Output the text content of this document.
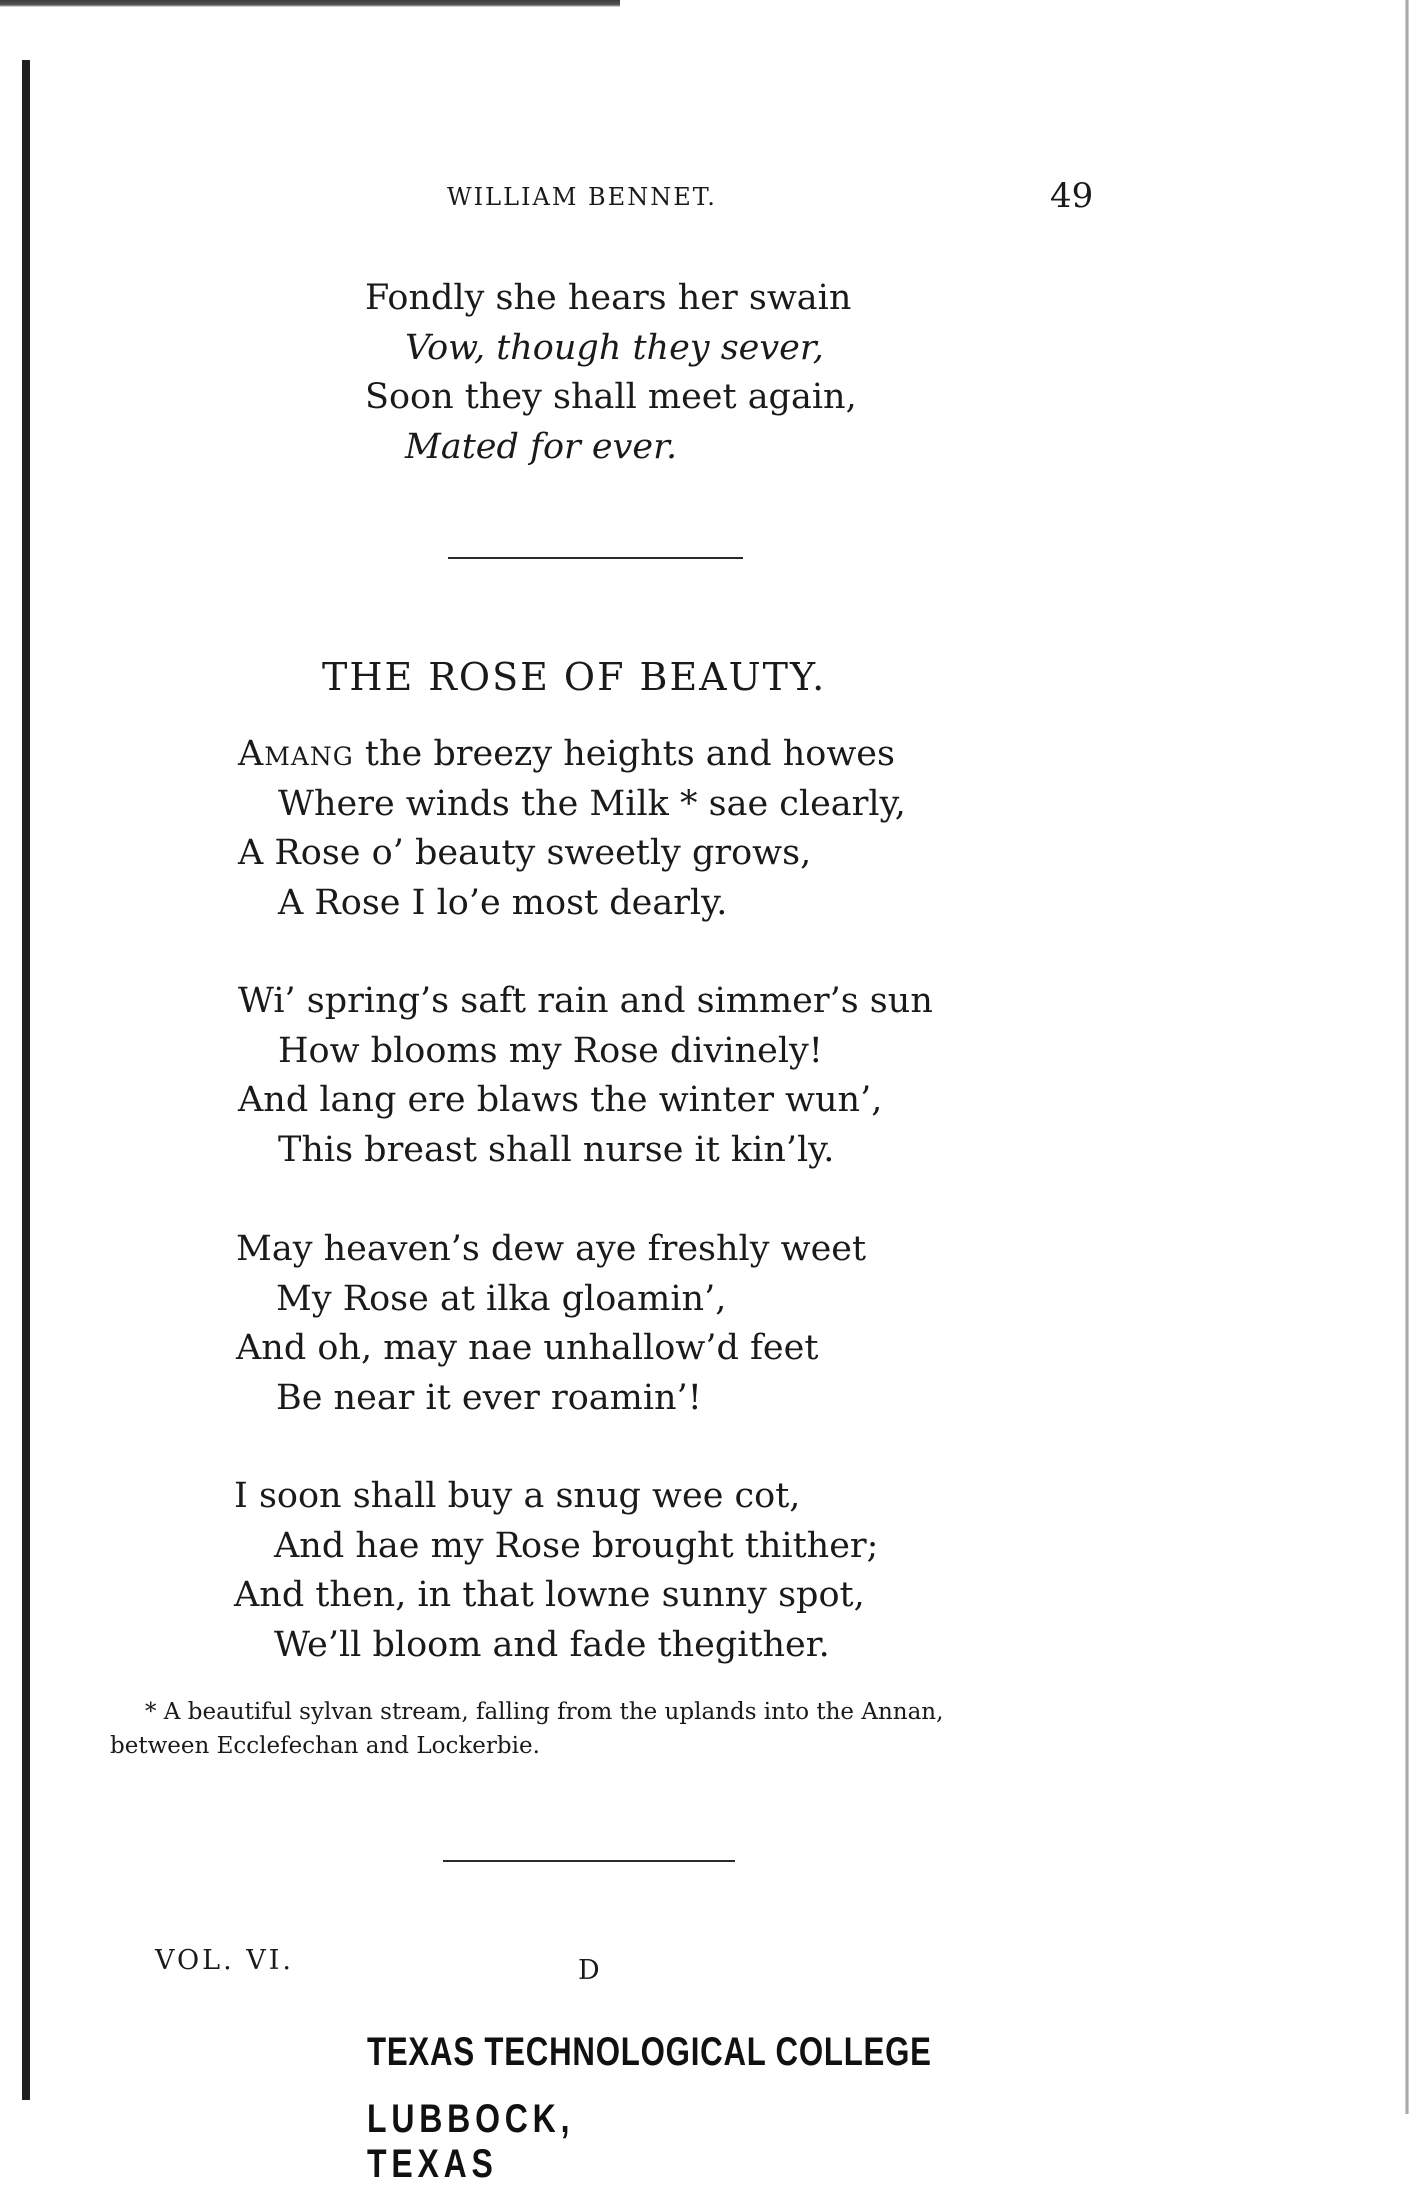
WILLIAM BENNET.	49
Fondly she hears her swain
Vow, though they sever,
Soon they shall meet again,
Mated for ever.
THE ROSE OF BEAUTY.
Amang the breezy heights and howes
Where winds the Milk * sae clearly,
A Rose o’ beauty sweetly grows,
A Rose I lo’e most dearly.
Wi’ spring’s saft rain and simmer’s sun
How blooms my Rose divinely!
And lang ere blaws the winter wun’,
This breast shall nurse it kin’ly.
May heaven’s dew aye freshly weet
My Rose at ilka gloamin’,
And oh, may nae unhallow’d feet
Be near it ever roamin’!
I soon shall buy a snug wee cot,
And hae my Rose brought thither;
And then, in that lowne sunny spot,
We’ll bloom and fade thegither.
* A beautiful sylvan stream, falling from the uplands into the Annan,
between Ecclefechan and Lockerbie.
VOL. VI.	D
TEXAS TECHNOLOGICAL COLLEGE
LUBBOCK, TEXAS
